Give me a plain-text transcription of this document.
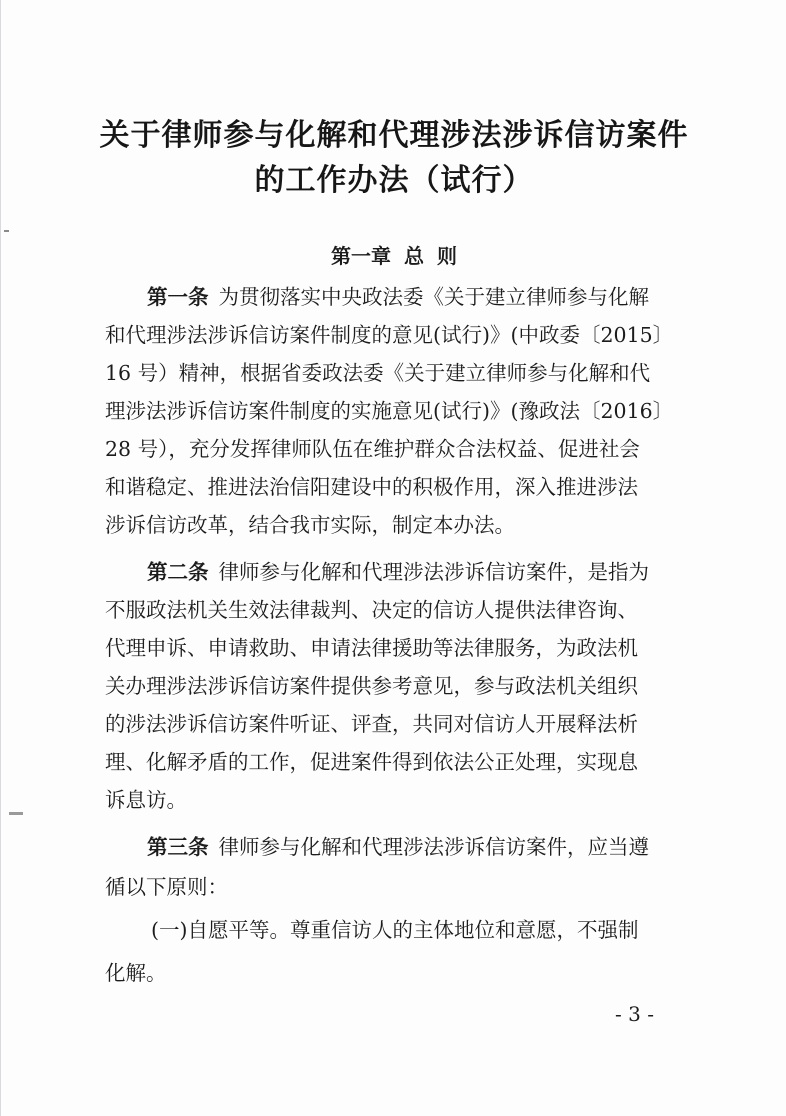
关于律师参与化解和代理涉法涉诉信访案件
的工作办法（试行）
第一章 总 则

第一条 为贯彻落实中央政法委《关于建立律师参与化解

和代理涉法涉诉信访案件制度的意见(试行)》(中政委〔2015〕

16 号）精神，根据省委政法委《关于建立律师参与化解和代

理涉法涉诉信访案件制度的实施意见(试行)》(豫政法〔2016〕

28 号），充分发挥律师队伍在维护群众合法权益、促进社会

和谐稳定、推进法治信阳建设中的积极作用，深入推进涉法

涉诉信访改革，结合我市实际，制定本办法。

第二条 律师参与化解和代理涉法涉诉信访案件，是指为

不服政法机关生效法律裁判、决定的信访人提供法律咨询、

代理申诉、申请救助、申请法律援助等法律服务，为政法机

关办理涉法涉诉信访案件提供参考意见，参与政法机关组织

的涉法涉诉信访案件听证、评查，共同对信访人开展释法析

理、化解矛盾的工作，促进案件得到依法公正处理，实现息

诉息访。

第三条 律师参与化解和代理涉法涉诉信访案件，应当遵

循以下原则：

(一)自愿平等。尊重信访人的主体地位和意愿，不强制

化解。

- 3 -
